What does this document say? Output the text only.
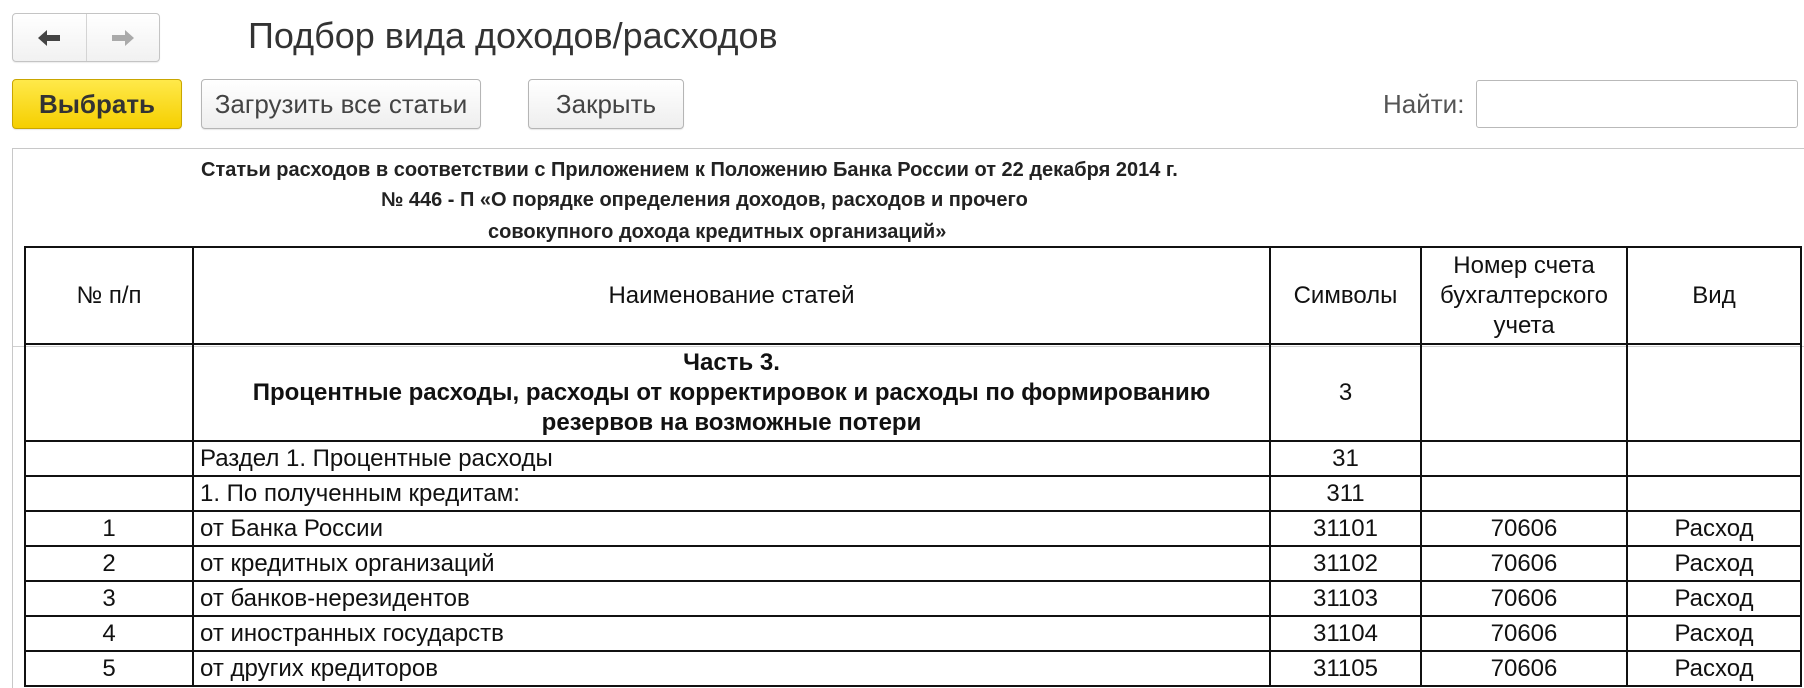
Подбор вида доходов/расходов
Выбрать	Загрузить все статьи	Закрыть	Найти:
Статьи расходов в соответствии с Приложением к Положению Банка России от 22 декабря 2014 г.
№ 446 - П «О порядке определения доходов, расходов и прочего
совокупного дохода кредитных организаций»
№ п/п	Наименование статей	Символы	Номер счета бухгалтерского учета	Вид

	Часть 3.
Процентные расходы, расходы от корректировок и расходы по формированию
резервов на возможные потери	3		
	Раздел 1. Процентные расходы	31		
	1. По полученным кредитам:	311		
1	от Банка России	31101	70606	Расход
2	от кредитных организаций	31102	70606	Расход
3	от банков-нерезидентов	31103	70606	Расход
4	от иностранных государств	31104	70606	Расход
5	от других кредиторов	31105	70606	Расход
